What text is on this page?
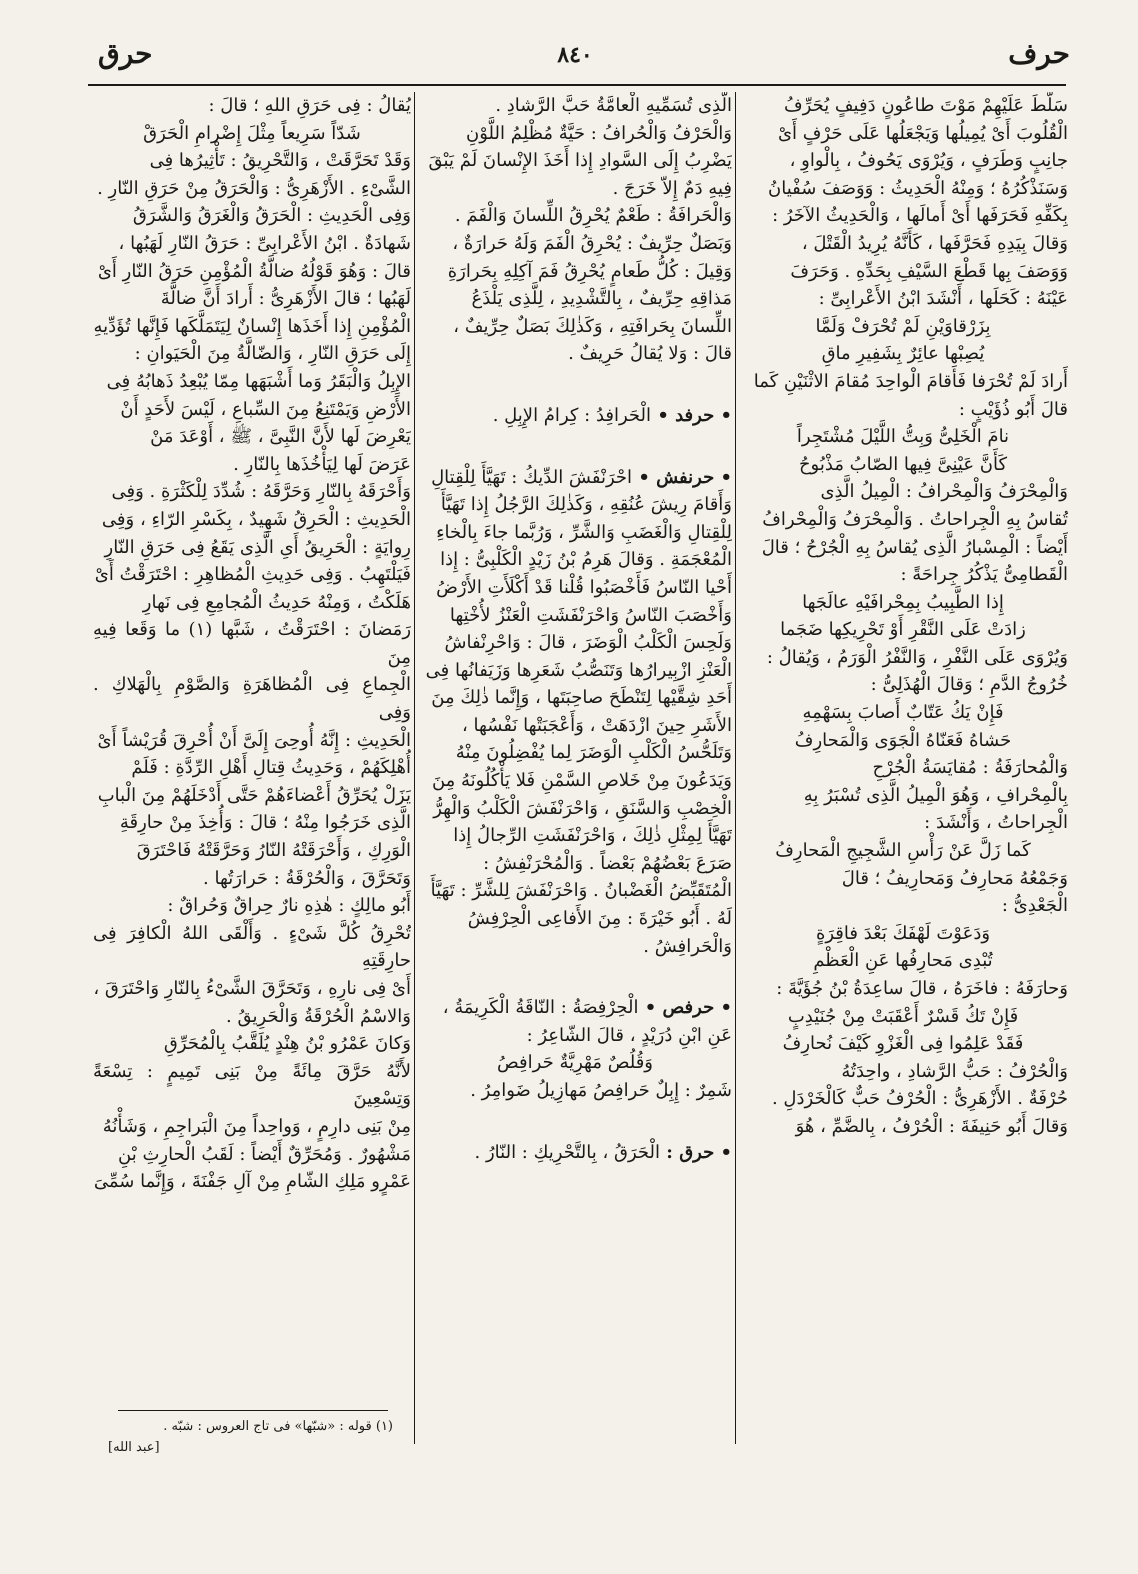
حرف
٨٤٠
حرق

سَلَّطَ عَلَيْهِمْ مَوْتَ طاعُونٍ دَفِيفٍ يُحَرِّفُ

الْقُلُوبَ أَىْ يُمِيلُها وَيَجْعَلُها عَلَى حَرْفٍ أَىْ

جانِبٍ وَطَرَفٍ ، وَيُرْوَى يَحُوفُ ، بِالْواوِ ،

وَسَنَذْكُرُهُ ؛ وَمِنْهُ الْحَدِيثُ : وَوَصَفَ سُفْيانُ

بِكَفِّهِ فَحَرَفَها أَىْ أَمالَها ، وَالْحَدِيثُ الآخَرُ :

وَقالَ بِيَدِهِ فَحَرَّفَها ، كَأَنَّهُ يُرِيدُ الْقَتْلَ ،

وَوَصَفَ بِها قَطْعَ السَّيْفِ بِحَدِّهِ . وَحَرَفَ

عَيْنَهُ : كَحَلَها ، أَنْشَدَ ابْنُ الأَعْرابِىِّ :

بِزَرْقاوَيْنِ لَمْ تُحْرَفْ وَلَمَّا

يُصِبْها عائِرٌ بِشَفِيرِ ماقِ

أَرادَ لَمْ تُحْرَفا فَأَقامَ الْواحِدَ مُقامَ الاثْنَيْنِ كَما

قالَ أَبُو ذُؤَيْبٍ :

نامَ الْخَلِىُّ وَبِتُّ اللَّيْلَ مُشْتَجِراً

كَأَنَّ عَيْنِىَّ فِيها الصّابُ مَذْبُوحُ

وَالْمِحْرَفُ وَالْمِحْرافُ : الْمِيلُ الَّذِى

تُقاسُ بِهِ الْجِراحاتُ . وَالْمِحْرَفُ وَالْمِحْرافُ

أَيْضاً : الْمِسْبارُ الَّذِى يُقاسُ بِهِ الْجُرْحُ ؛ قالَ

الْقَطامِىُّ يَذْكُرُ جِراحَةً :

إِذا الطَّبِيبُ بِمِحْرافَيْهِ عالَجَها

زادَتْ عَلَى النَّقْرِ أَوْ تَحْرِيكِها ضَجَما

وَيُرْوَى عَلَى النَّفْرِ ، وَالنَّفْرُ الْوَرَمُ ، وَيُقالُ :

خُرُوجُ الدَّمِ ؛ وَقالَ الْهُذَلِىُّ :

فَإِنْ يَكُ عَتّابٌ أَصابَ بِسَهْمِهِ

حَشاهُ فَعَنّاهُ الْجَوَى وَالْمَحارِفُ

وَالْمُحارَفَةُ : مُقايَسَةُ الْجُرْحِ

بِالْمِحْرافِ ، وَهُوَ الْمِيلُ الَّذِى تُسْبَرُ بِهِ

الْجِراحاتُ ، وَأَنْشَدَ :

كَما زَلَّ عَنْ رَأْسِ الشَّجِيجِ الْمَحارِفُ

وَجَمْعُهُ مَحارِفُ وَمَحارِيفُ ؛ قالَ

الْجَعْدِىُّ :

وَدَعَوْتَ لَهْفَكَ بَعْدَ فاقِرَةٍ

تُبْدِى مَحارِفُها عَنِ الْعَظْمِ

وَحارَفَهُ : فاخَرَهُ ، قالَ ساعِدَةُ بْنُ جُؤَيَّةَ :

فَإِنْ تَكُ قَسْرٌ أَعْقَبَتْ مِنْ جُنَيْدِبٍ

فَقَدْ عَلِمُوا فِى الْغَزْوِ كَيْفَ نُحارِفُ

وَالْحُرْفُ : حَبُّ الرَّشادِ ، واحِدَتُهُ

حُرْفَةٌ . الأَزْهَرِىُّ : الْحُرْفُ حَبٌّ كَالْخَرْدَلِ .

وَقالَ أَبُو حَنِيفَةَ : الْحُرْفُ ، بِالضَّمِّ ، هُوَ

الَّذِى تُسَمِّيهِ الْعامَّةُ حَبَّ الرَّشادِ .

وَالْحَرْفُ وَالْحُرافُ : حَيَّةٌ مُظْلِمُ اللَّوْنِ

يَضْرِبُ إِلَى السَّوادِ إِذا أَخَذَ الإِنْسانَ لَمْ يَبْقَ

فِيهِ دَمٌ إِلاّ خَرَجَ .

وَالْحَرافَةُ : طَعْمٌ يُحْرِقُ اللِّسانَ وَالْفَمَ .

وَبَصَلٌ حِرِّيفٌ : يُحْرِقُ الْفَمَ وَلَهُ حَرارَةٌ ،

وَقِيلَ : كُلُّ طَعامٍ يُحْرِقُ فَمَ آكِلِهِ بِحَرارَةِ

مَذاقِهِ حِرِّيفٌ ، بِالتَّشْدِيدِ ، لِلَّذِى يَلْذَعُ

اللِّسانَ بِحَرافَتِهِ ، وَكَذٰلِكَ بَصَلٌ حِرِّيفٌ ،

قالَ : وَلا يُقالُ حَرِيفٌ .

• حرفد • الْحَرافِدُ : كِرامُ الإِبِلِ .

• حرنفش • احْرَنْفَشَ الدِّيكُ : تَهَيَّأَ لِلْقِتالِ

وَأَقامَ رِيشَ عُنُقِهِ ، وَكَذٰلِكَ الرَّجُلُ إِذا تَهَيَّأَ

لِلْقِتالِ وَالْغَضَبِ وَالشَّرِّ ، وَرُبَّما جاءَ بِالْخاءِ

الْمُعْجَمَةِ . وَقالَ هَرِمُ بْنُ زَيْدٍ الْكَلْبِىُّ : إِذا

أَحْيا النّاسُ فَأَخْصَبُوا قُلْنا قَدْ أَكْلَأَتِ الأَرْضُ

وَأَخْصَبَ النّاسُ وَاحْرَنْفَشَتِ الْعَنْزُ لأُخْتِها

وَلَحِسَ الْكَلْبُ الْوَضَرَ ، قالَ : وَاحْرِنْفاشُ

الْعَنْزِ ازْبِيرارُها وَتَنَصُّبُ شَعَرِها وَزَيَفانُها فِى

أَحَدِ شِقَّيْها لِتَنْطَحَ صاحِبَتَها ، وَإِنَّما ذٰلِكَ مِنَ

الأَشَرِ حِينَ ازْدَهَتْ ، وَأَعْجَبَتْها نَفْسُها ،

وَتَلَحُّسُ الْكَلْبِ الْوَضَرَ لِما يُفْضِلُونَ مِنْهُ

وَيَدَعُونَ مِنْ خَلاصِ السَّمْنِ فَلا يَأْكُلُونَهُ مِنَ

الْخِصْبِ وَالسَّنَقِ ، وَاحْرَنْفَشَ الْكَلْبُ وَالْهِرُّ

تَهَيَّأَ لِمِثْلِ ذٰلِكَ ، وَاحْرَنْفَشَتِ الرِّجالُ إِذا

صَرَعَ بَعْضُهُمْ بَعْضاً . وَالْمُحْرَنْفِشُ :

الْمُتَقَبِّضُ الْغَضْبانُ . وَاحْرَنْفَشَ لِلشَّرِّ : تَهَيَّأَ

لَهُ . أَبُو خَيْرَةَ : مِنَ الأَفاعِى الْحِرْفِشُ

وَالْحَرافِشُ .

• حرفص • الْحِرْفِصَةُ : النّاقَةُ الْكَرِيمَةُ ،

عَنِ ابْنِ دُرَيْدٍ ، قالَ الشّاعِرُ :

وَقُلُصٌ مَهْرِيَّةٌ حَرافِصُ

شَمِرٌ : إِبِلٌ حَرافِصُ مَهازِيلُ ضَوامِرُ .

• حرق : الْحَرَقُ ، بِالتَّحْرِيكِ : النّارُ .

يُقالُ : فِى حَرَقِ اللهِ ؛ قالَ :

شَدّاً سَرِيعاً مِثْلَ إِضْرامِ الْحَرَقْ

وَقَدْ تَحَرَّقَتْ ، وَالتَّحْرِيقُ : تَأْثِيرُها فِى

الشَّىْءِ . الأَزْهَرِىُّ : وَالْحَرَقُ مِنْ حَرَقِ النّارِ .

وَفِى الْحَدِيثِ : الْحَرَقُ وَالْغَرَقُ وَالشَّرَقُ

شَهادَةٌ . ابْنُ الأَعْرابِىِّ : حَرَقُ النّارِ لَهَبُها ،

قالَ : وَهُوَ قَوْلُهُ ضالَّةُ الْمُؤْمِنِ حَرَقُ النّارِ أَىْ

لَهَبُها ؛ قالَ الأَزْهَرِىُّ : أَرادَ أَنَّ ضالَّةَ

الْمُؤْمِنِ إِذا أَخَذَها إِنْسانٌ لِيَتَمَلَّكَها فَإِنَّها تُؤَدِّيهِ

إِلَى حَرَقِ النّارِ ، وَالضّالَّةُ مِنَ الْحَيَوانِ :

الإِبِلُ وَالْبَقَرُ وَما أَشْبَهَها مِمّا يُبْعِدُ ذَهابُهُ فِى

الأَرْضِ وَيَمْتَنِعُ مِنَ السِّباعِ ، لَيْسَ لأَحَدٍ أَنْ

يَعْرِضَ لَها لأَنَّ النَّبِىَّ ، ﷺ ، أَوْعَدَ مَنْ

عَرَضَ لَها لِيَأْخُذَها بِالنّارِ .

وَأَحْرَقَهُ بِالنّارِ وَحَرَّقَهُ : شُدِّدَ لِلْكَثْرَةِ . وَفِى

الْحَدِيثِ : الْحَرِقُ شَهِيدٌ ، بِكَسْرِ الرّاءِ ، وَفِى

رِوايَةٍ : الْحَرِيقُ أَىِ الَّذِى يَقَعُ فِى حَرَقِ النّارِ

فَيَلْتَهِبُ . وَفِى حَدِيثِ الْمُظاهِرِ : احْتَرَقْتُ أَىْ

هَلَكْتُ ، وَمِنْهُ حَدِيثُ الْمُجامِعِ فِى نَهارِ

رَمَضانَ : احْتَرَقْتُ ، شَبَّها (١) ما وَقَعا فِيهِ مِنَ

الْجِماعِ فِى الْمُظاهَرَةِ وَالصَّوْمِ بِالْهَلاكِ . وَفِى

الْحَدِيثِ : إِنَّهُ أُوحِىَ إِلَىَّ أَنْ أُحْرِقَ قُرَيْشاً أَىْ

أُهْلِكَهُمْ ، وَحَدِيثُ قِتالِ أَهْلِ الرِّدَّةِ : فَلَمْ

يَزَلْ يُحَرِّقُ أَعْضاءَهُمْ حَتَّى أَدْخَلَهُمْ مِنَ الْبابِ

الَّذِى خَرَجُوا مِنْهُ ؛ قالَ : وَأُخِذَ مِنْ حارِقَةِ

الْوَرِكِ ، وَأَحْرَقَتْهُ النّارُ وَحَرَّقَتْهُ فَاحْتَرَقَ

وَتَحَرَّقَ ، وَالْحُرْقَةُ : حَرارَتُها .

أَبُو مالِكٍ : هٰذِهِ نارٌ حِراقٌ وَحُراقٌ :

تُحْرِقُ كُلَّ شَىْءٍ . وَأَلْقَى اللهُ الْكافِرَ فِى حارِقَتِهِ

أَىْ فِى نارِهِ ، وَتَحَرَّقَ الشَّىْءُ بِالنّارِ وَاحْتَرَقَ ،

وَالاسْمُ الْحُرْقَةُ وَالْحَرِيقُ .

وَكانَ عَمْرُو بْنُ هِنْدٍ يُلَقَّبُ بِالْمُحَرِّقِ

لأَنَّهُ حَرَّقَ مِائَةً مِنْ بَنِى تَمِيمٍ : تِسْعَةً وَتِسْعِينَ

مِنْ بَنِى دارِمٍ ، وَواحِداً مِنَ الْبَراجِمِ ، وَشَأْنُهُ

مَشْهُورٌ . وَمُحَرِّقٌ أَيْضاً : لَقَبُ الْحارِثِ بْنِ

عَمْرٍو مَلِكِ الشّامِ مِنْ آلِ جَفْنَةَ ، وَإِنَّما سُمِّىَ

(١) قوله : «شبّها» فى تاج العروس : شبّه .
[عبد الله]
